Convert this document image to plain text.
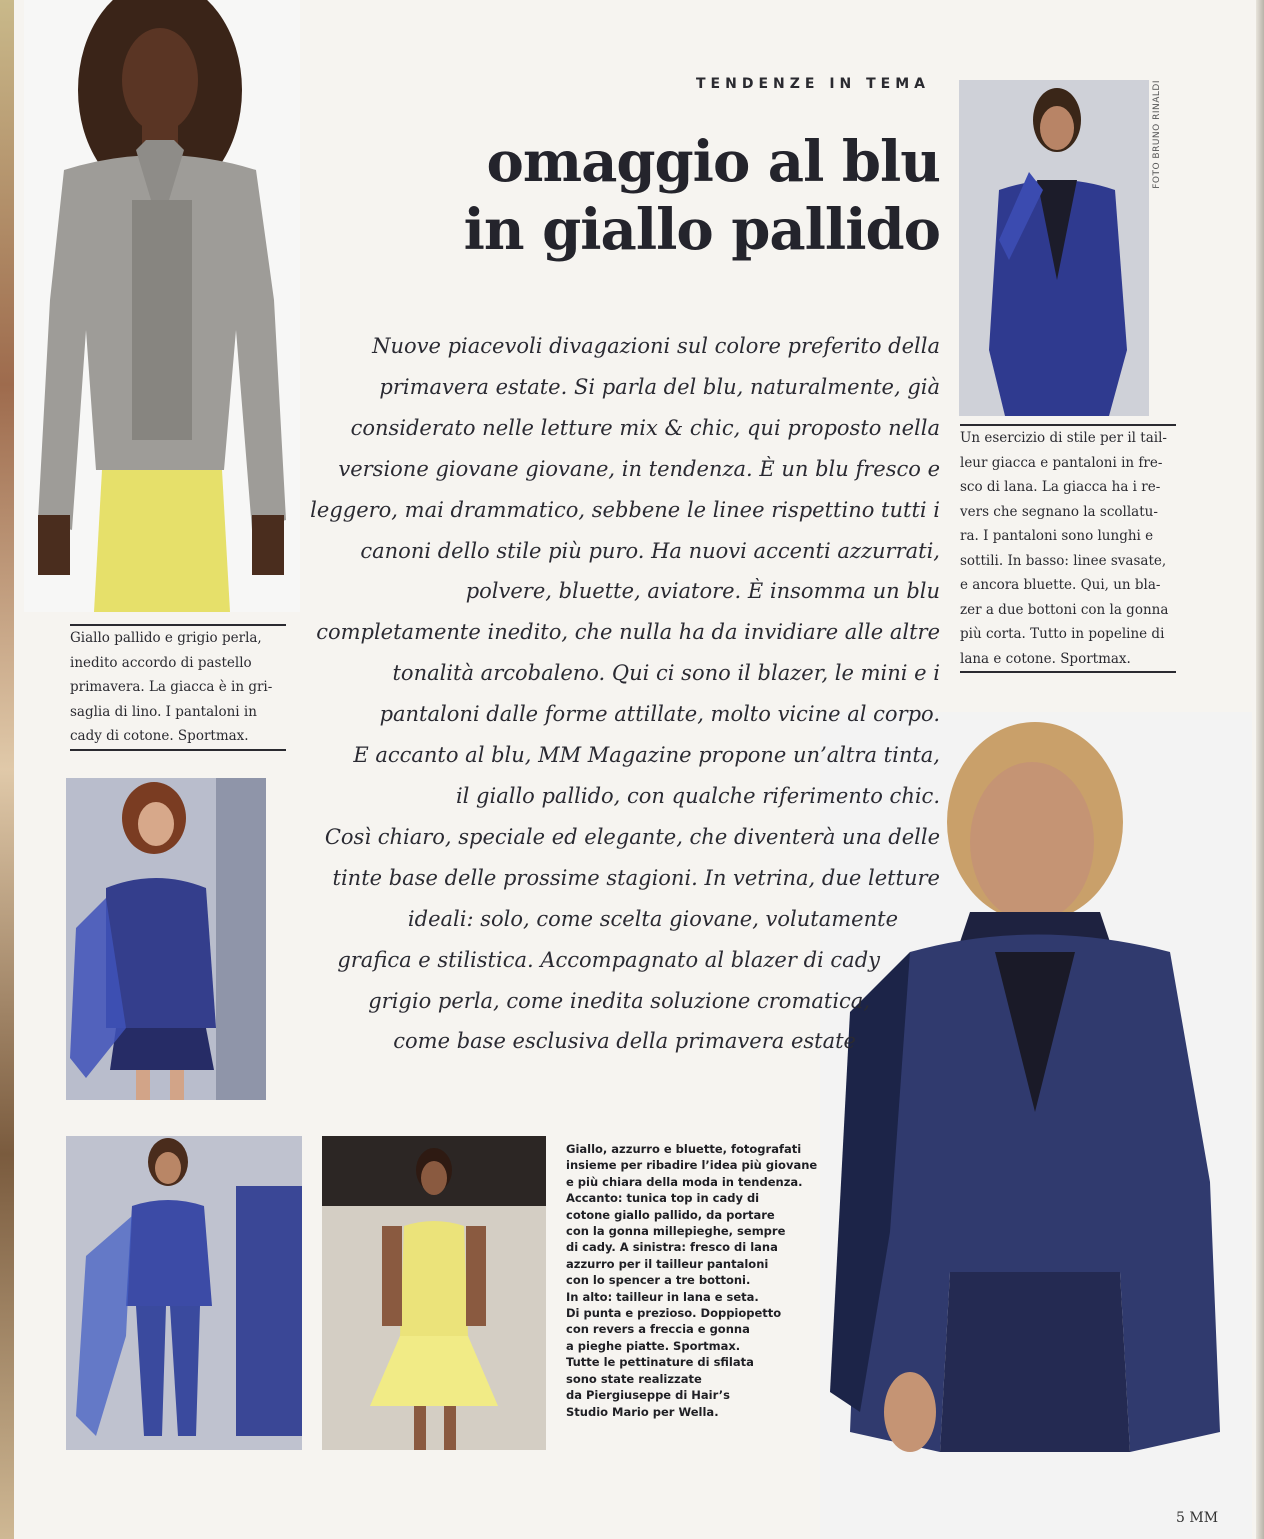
TENDENZE IN TEMA
omaggio al blu
in giallo pallido
Nuove piacevoli divagazioni sul colore preferito della
primavera estate. Si parla del blu, naturalmente, già
considerato nelle letture mix & chic, qui proposto nella
versione giovane giovane, in tendenza. È un blu fresco e
leggero, mai drammatico, sebbene le linee rispettino tutti i
canoni dello stile più puro. Ha nuovi accenti azzurrati,
polvere, bluette, aviatore. È insomma un blu
completamente inedito, che nulla ha da invidiare alle altre
tonalità arcobaleno. Qui ci sono il blazer, le mini e i
pantaloni dalle forme attillate, molto vicine al corpo.
E accanto al blu, MM Magazine propone un’altra tinta,
il giallo pallido, con qualche riferimento chic.
Così chiaro, speciale ed elegante, che diventerà una delle
tinte base delle prossime stagioni. In vetrina, due letture
ideali: solo, come scelta giovane, volutamente
grafica e stilistica. Accompagnato al blazer di cady
grigio perla, come inedita soluzione cromatica,
come base esclusiva della primavera estate
Giallo pallido e grigio perla,
inedito accordo di pastello
primavera. La giacca è in gri-
saglia di lino. I pantaloni in
cady di cotone. Sportmax.
Un esercizio di stile per il tail-
leur giacca e pantaloni in fre-
sco di lana. La giacca ha i re-
vers che segnano la scollatu-
ra. I pantaloni sono lunghi e
sottili. In basso: linee svasate,
e ancora bluette. Qui, un bla-
zer a due bottoni con la gonna
più corta. Tutto in popeline di
lana e cotone. Sportmax.
Giallo, azzurro e bluette, fotografati
insieme per ribadire l’idea più giovane
e più chiara della moda in tendenza.
Accanto: tunica top in cady di
cotone giallo pallido, da portare
con la gonna millepieghe, sempre
di cady. A sinistra: fresco di lana
azzurro per il tailleur pantaloni
con lo spencer a tre bottoni.
In alto: tailleur in lana e seta.
Di punta e prezioso. Doppiopetto
con revers a freccia e gonna
a pieghe piatte. Sportmax.
Tutte le pettinature di sfilata
sono state realizzate
da Piergiuseppe di Hair’s
Studio Mario per Wella.
FOTO BRUNO RINALDI
5 MM
